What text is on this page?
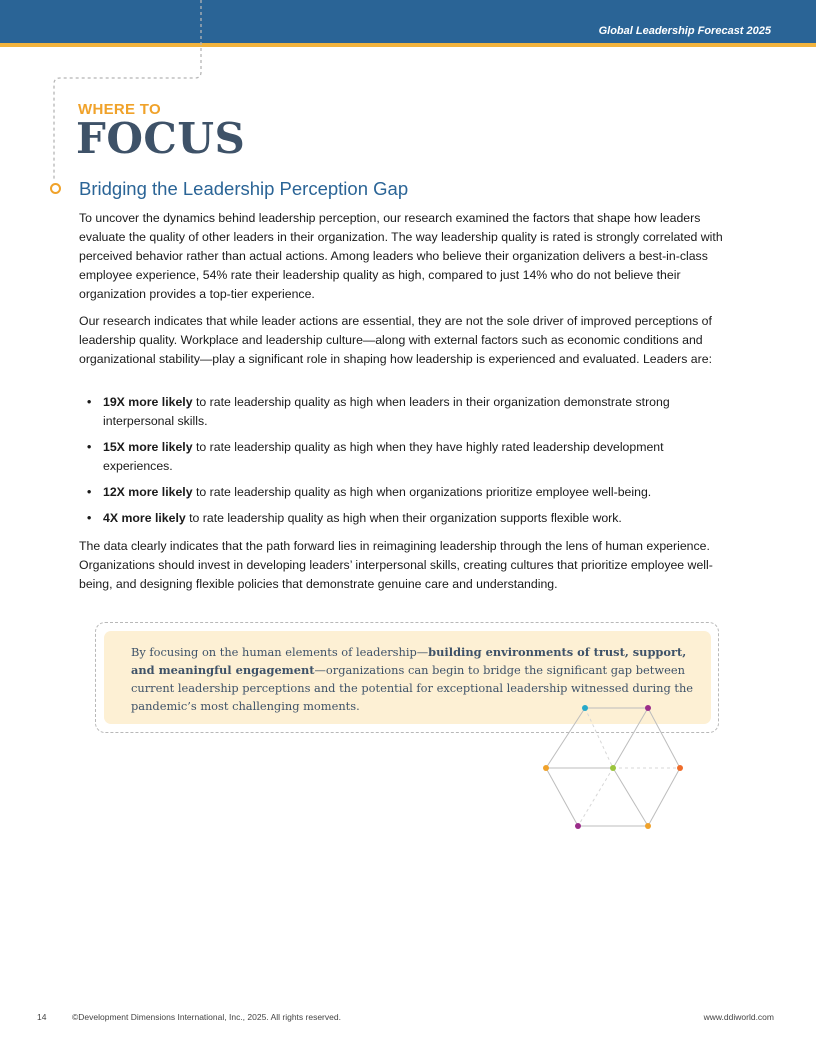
Global Leadership Forecast 2025
WHERE TO
FOCUS
Bridging the Leadership Perception Gap

To uncover the dynamics behind leadership perception, our research examined the factors that shape how leaders evaluate the quality of other leaders in their organization. The way leadership quality is rated is strongly correlated with perceived behavior rather than actual actions. Among leaders who believe their organization delivers a best-in-class employee experience, 54% rate their leadership quality as high, compared to just 14% who do not believe their organization provides a top-tier experience.

Our research indicates that while leader actions are essential, they are not the sole driver of improved perceptions of leadership quality. Workplace and leadership culture—along with external factors such as economic conditions and organizational stability—play a significant role in shaping how leadership is experienced and evaluated. Leaders are:

• 19X more likely to rate leadership quality as high when leaders in their organization demonstrate strong interpersonal skills.
• 15X more likely to rate leadership quality as high when they have highly rated leadership development experiences.
• 12X more likely to rate leadership quality as high when organizations prioritize employee well-being.
• 4X more likely to rate leadership quality as high when their organization supports flexible work.

The data clearly indicates that the path forward lies in reimagining leadership through the lens of human experience. Organizations should invest in developing leaders’ interpersonal skills, creating cultures that prioritize employee well-being, and designing flexible policies that demonstrate genuine care and understanding.

By focusing on the human elements of leadership—building environments of trust, support, and meaningful engagement—organizations can begin to bridge the significant gap between current leadership perceptions and the potential for exceptional leadership witnessed during the pandemic’s most challenging moments.
14	©Development Dimensions International, Inc., 2025. All rights reserved.	www.ddiworld.com
